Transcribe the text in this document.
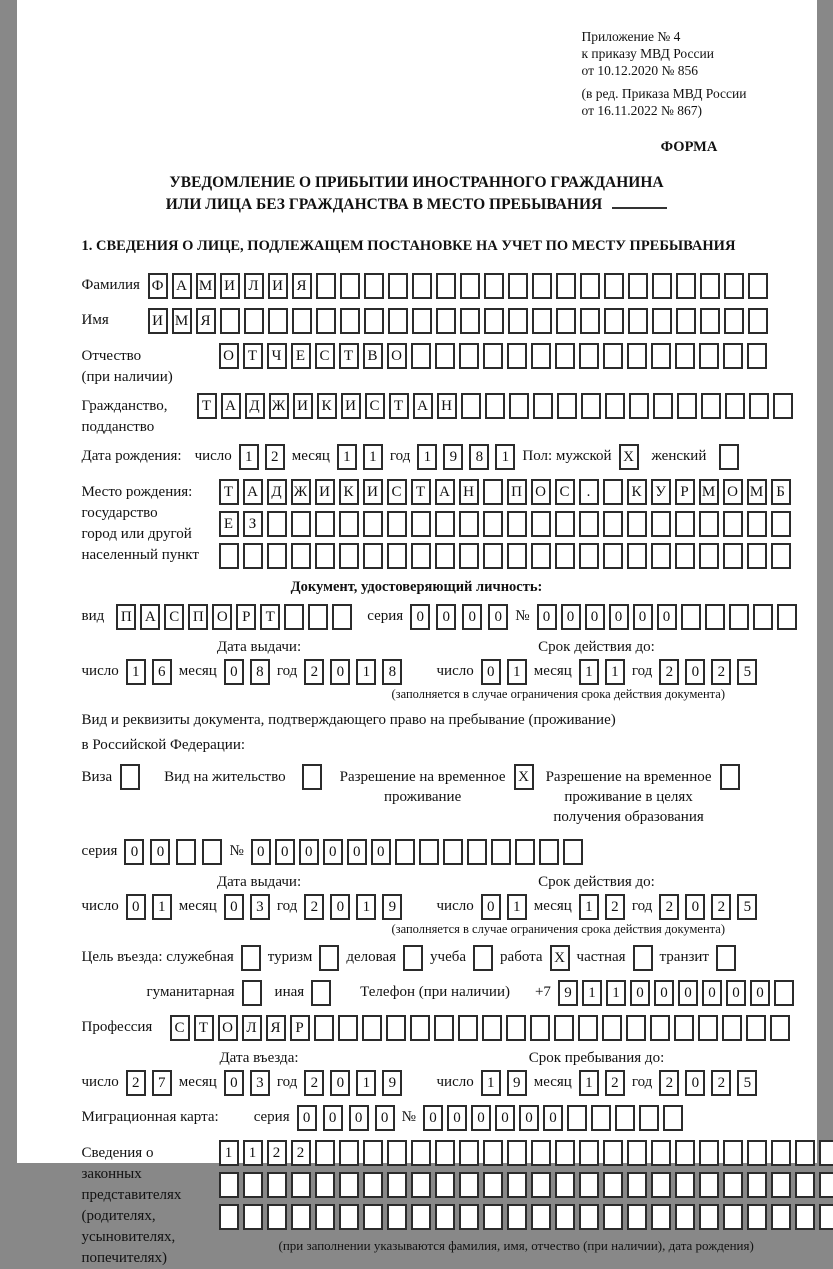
Приложение № 4
к приказу МВД России
от 10.12.2020 № 856
(в ред. Приказа МВД России
от 16.11.2022 № 867)
ФОРМА
УВЕДОМЛЕНИЕ О ПРИБЫТИИ ИНОСТРАННОГО ГРАЖДАНИНА
ИЛИ ЛИЦА БЕЗ ГРАЖДАНСТВА В МЕСТО ПРЕБЫВАНИЯ
1. СВЕДЕНИЯ О ЛИЦЕ, ПОДЛЕЖАЩЕМ ПОСТАНОВКЕ НА УЧЕТ ПО МЕСТУ ПРЕБЫВАНИЯ
Фамилия Ф А М И Л И Я
Имя	И М Я
Отчество
(при наличии)
О Т Ч Е С Т В О
Гражданство,
подданство
Т А Д Ж И К И С Т А Н
Дата рождения: число 1	2 месяц 1	1 год 1	9	8	1 Пол: мужской X	женский
Место рождения:
государство
город или другой
населенный пункт
Т А Д Ж И К И С Т А Н	П О С	.	К У Р М О М Б
Е	З
Документ, удостоверяющий личность:
вид	П А С П О Р	Т	серия 0	0	0	0 № 0	0	0	0	0	0
Дата выдачи:
число 1	6 месяц 0	8 год 2	0	1	8
Срок действия до:
число 0	1 месяц 1	1 год 2	0	2	5
(заполняется в случае ограничения срока действия документа)
Вид и реквизиты документа, подтверждающего право на пребывание (проживание)
в Российской Федерации:
Виза	Вид на жительство	Разрешение на временное
проживание
X	Разрешение на временное
проживание в целях
получения образования
серия 0	0	№ 0	0	0	0	0	0
Дата выдачи:
число 0	1 месяц 0	3 год 2	0	1	9
Срок действия до:
число 0	1 месяц 1	2 год 2	0	2	5
(заполняется в случае ограничения срока действия документа)
Цель въезда: служебная туризм деловая учеба работа X частная транзит
гуманитарная	иная	Телефон (при наличии) +7 9	1	1	0	0	0	0	0	0
Профессия	С Т О Л Я Р
Дата въезда:
число 2	7 месяц 0	3 год 2	0	1	9
Срок пребывания до:
число 1	9 месяц 1	2 год 2	0	2	5
Миграционная карта: серия 0	0	0	0 № 0	0	0	0	0	0
Сведения о
законных
представителях
(родителях,
усыновителях,
попечителях)
1	1	2	2
(при заполнении указываются фамилия, имя, отчество (при наличии), дата рождения)
